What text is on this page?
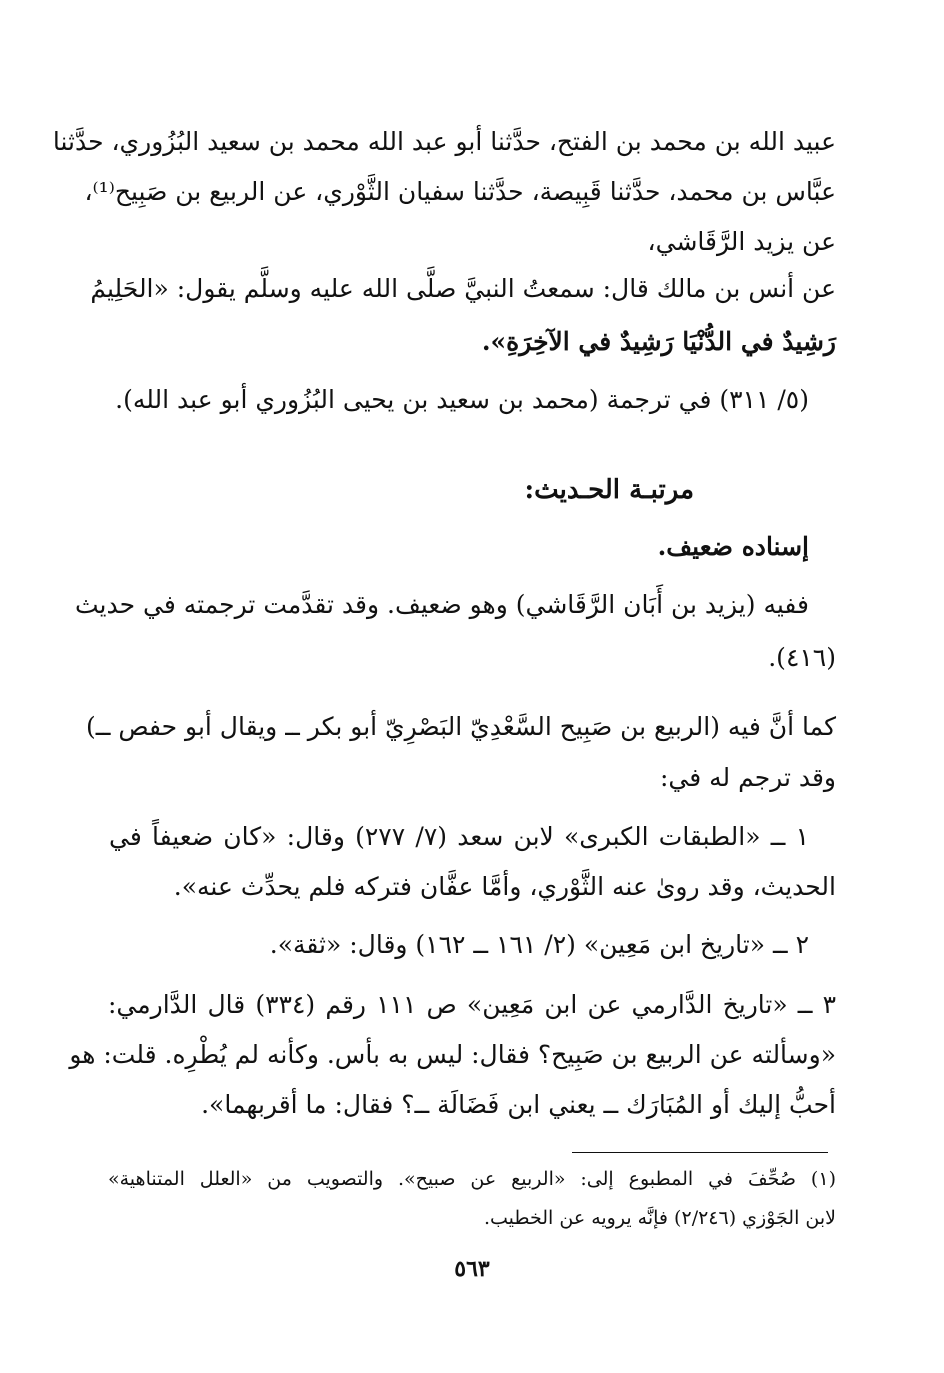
عبيد الله بن محمد بن الفتح، حدَّثنا أبو عبد الله محمد بن سعيد البُزُوري، حدَّثنا
عبَّاس بن محمد، حدَّثنا قَبِيصة، حدَّثنا سفيان الثَّوْري، عن الربيع بن صَبِيح⁽¹⁾،
عن يزيد الرَّقَاشي،
عن أنس بن مالك قال: سمعتُ النبيَّ صلَّى الله عليه وسلَّم يقول: «الحَلِيمُ
رَشِيدٌ في الدُّنْيَا رَشِيدٌ في الآخِرَةِ».
(٥/ ٣١١) في ترجمة (محمد بن سعيد بن يحيى البُزُوري أبو عبد الله).
مرتبـة الحـديث:
إسناده ضعيف.
ففيه (يزيد بن أَبَان الرَّقَاشي) وهو ضعيف. وقد تقدَّمت ترجمته في حديث
(٤١٦).
كما أنَّ فيه (الربيع بن صَبِيح السَّعْدِيّ البَصْرِيّ أبو بكر ــ ويقال أبو حفص ــ)
وقد ترجم له في:
١ ــ «الطبقات الكبرى» لابن سعد (٧/ ٢٧٧) وقال: «كان ضعيفاً في
الحديث، وقد روىٰ عنه الثَّوْري، وأمَّا عفَّان فتركه فلم يحدِّث عنه».
٢ ــ «تاريخ ابن مَعِين» (٢/ ١٦١ ــ ١٦٢) وقال: «ثقة».
٣ ــ «تاريخ الدَّارمي عن ابن مَعِين» ص ١١١ رقم (٣٣٤) قال الدَّارمي:
«وسألته عن الربيع بن صَبِيح؟ فقال: ليس به بأس. وكأنه لم يُطْرِه. قلت: هو
أحبُّ إليك أو المُبَارَك ــ يعني ابن فَضَالَة ــ؟ فقال: ما أقربهما».
(١) صُحِّفَ في المطبوع إلى: «الربيع عن صبيح». والتصويب من «العلل المتناهية»
لابن الجَوْزي (٢/٢٤٦) فإنَّه يرويه عن الخطيب.
٥٦٣
